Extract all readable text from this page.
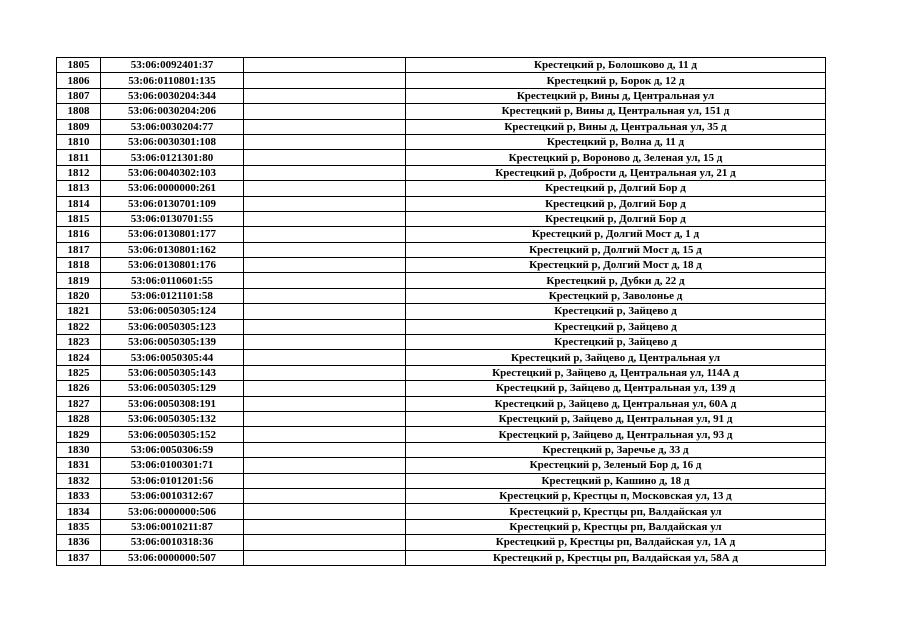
1805	53:06:0092401:37		Крестецкий р, Болошково д, 11 д
1806	53:06:0110801:135		Крестецкий р, Борок д, 12 д
1807	53:06:0030204:344		Крестецкий р, Вины д, Центральная ул
1808	53:06:0030204:206		Крестецкий р, Вины д, Центральная ул, 151 д
1809	53:06:0030204:77		Крестецкий р, Вины д, Центральная ул, 35 д
1810	53:06:0030301:108		Крестецкий р, Волна д, 11 д
1811	53:06:0121301:80		Крестецкий р, Вороново д, Зеленая ул, 15 д
1812	53:06:0040302:103		Крестецкий р, Добрости д, Центральная ул, 21 д
1813	53:06:0000000:261		Крестецкий р, Долгий Бор д
1814	53:06:0130701:109		Крестецкий р, Долгий Бор д
1815	53:06:0130701:55		Крестецкий р, Долгий Бор д
1816	53:06:0130801:177		Крестецкий р, Долгий Мост д, 1 д
1817	53:06:0130801:162		Крестецкий р, Долгий Мост д, 15 д
1818	53:06:0130801:176		Крестецкий р, Долгий Мост д, 18 д
1819	53:06:0110601:55		Крестецкий р, Дубки д, 22 д
1820	53:06:0121101:58		Крестецкий р, Заволонье д
1821	53:06:0050305:124		Крестецкий р, Зайцево д
1822	53:06:0050305:123		Крестецкий р, Зайцево д
1823	53:06:0050305:139		Крестецкий р, Зайцево д
1824	53:06:0050305:44		Крестецкий р, Зайцево д, Центральная ул
1825	53:06:0050305:143		Крестецкий р, Зайцево д, Центральная ул, 114А д
1826	53:06:0050305:129		Крестецкий р, Зайцево д, Центральная ул, 139 д
1827	53:06:0050308:191		Крестецкий р, Зайцево д, Центральная ул, 60А д
1828	53:06:0050305:132		Крестецкий р, Зайцево д, Центральная ул, 91 д
1829	53:06:0050305:152		Крестецкий р, Зайцево д, Центральная ул, 93 д
1830	53:06:0050306:59		Крестецкий р, Заречье д, 33 д
1831	53:06:0100301:71		Крестецкий р, Зеленый Бор д, 16 д
1832	53:06:0101201:56		Крестецкий р, Кашино д, 18 д
1833	53:06:0010312:67		Крестецкий р, Крестцы п, Московская ул, 13 д
1834	53:06:0000000:506		Крестецкий р, Крестцы рп, Валдайская ул
1835	53:06:0010211:87		Крестецкий р, Крестцы рп, Валдайская ул
1836	53:06:0010318:36		Крестецкий р, Крестцы рп, Валдайская ул, 1А д
1837	53:06:0000000:507		Крестецкий р, Крестцы рп, Валдайская ул, 58А д
